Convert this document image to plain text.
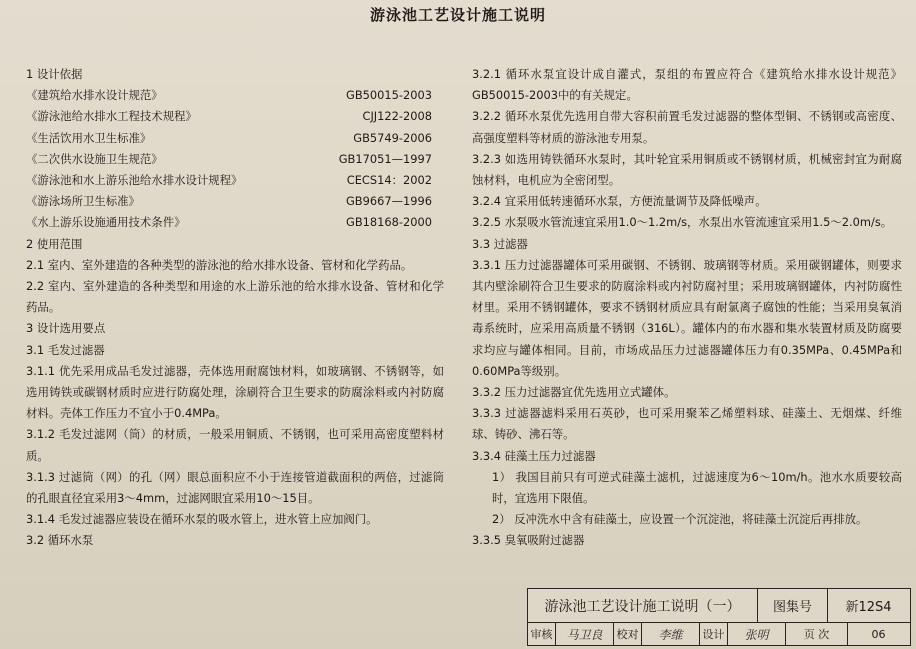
游泳池工艺设计施工说明
1 设计依据
《建筑给水排水设计规范》	GB50015-2003
《游泳池给水排水工程技术规程》	CJJ122-2008
《生活饮用水卫生标准》	GB5749-2006
《二次供水设施卫生规范》	GB17051—1997
《游泳池和水上游乐池给水排水设计规程》	CECS14：2002
《游泳场所卫生标准》	GB9667—1996
《水上游乐设施通用技术条件》	GB18168-2000
2 使用范围
2.1 室内、室外建造的各种类型的游泳池的给水排水设备、管材和化学药品。
2.2 室内、室外建造的各种类型和用途的水上游乐池的给水排水设备、管材和化学药品。
3 设计选用要点
3.1 毛发过滤器
3.1.1 优先采用成品毛发过滤器，壳体选用耐腐蚀材料，如玻璃钢、不锈钢等，如选用铸铁或碳钢材质时应进行防腐处理，涂刷符合卫生要求的防腐涂料或内衬防腐材料。壳体工作压力不宜小于0.4MPa。
3.1.2 毛发过滤网（筒）的材质，一般采用铜质、不锈钢，也可采用高密度塑料材质。
3.1.3 过滤筒（网）的孔（网）眼总面积应不小于连接管道截面积的两倍，过滤筒的孔眼直径宜采用3～4mm，过滤网眼宜采用10～15目。
3.1.4 毛发过滤器应装设在循环水泵的吸水管上，进水管上应加阀门。
3.2 循环水泵
3.2.1 循环水泵宜设计成自灌式，泵组的布置应符合《建筑给水排水设计规范》GB50015-2003中的有关规定。
3.2.2 循环水泵优先选用自带大容积前置毛发过滤器的整体型铜、不锈钢或高密度、高强度塑料等材质的游泳池专用泵。
3.2.3 如选用铸铁循环水泵时，其叶轮宜采用铜质或不锈钢材质，机械密封宜为耐腐蚀材料，电机应为全密闭型。
3.2.4 宜采用低转速循环水泵，方便流量调节及降低噪声。
3.2.5 水泵吸水管流速宜采用1.0～1.2m/s，水泵出水管流速宜采用1.5～2.0m/s。
3.3 过滤器
3.3.1 压力过滤器罐体可采用碳钢、不锈钢、玻璃钢等材质。采用碳钢罐体，则要求其内壁涂刷符合卫生要求的防腐涂料或内衬防腐衬里；采用玻璃钢罐体，内衬防腐性材里。采用不锈钢罐体，要求不锈钢材质应具有耐氯离子腐蚀的性能；当采用臭氧消毒系统时，应采用高质量不锈钢（316L）。罐体内的布水器和集水装置材质及防腐要求均应与罐体相同。目前，市场成品压力过滤器罐体压力有0.35MPa、0.45MPa和0.60MPa等级别。
3.3.2 压力过滤器宜优先选用立式罐体。
3.3.3 过滤器滤料采用石英砂，也可采用聚苯乙烯塑料球、硅藻土、无烟煤、纤维球、铸砂、沸石等。
3.3.4 硅藻土压力过滤器
1） 我国目前只有可逆式硅藻土滤机，过滤速度为6～10m/h。池水水质要较高时，宜选用下限值。
2） 反冲洗水中含有硅藻土，应设置一个沉淀池，将硅藻土沉淀后再排放。
3.3.5 臭氧吸附过滤器
游泳池工艺设计施工说明（一）	图集号	新12S4
审核	马卫良	校对	李维	设计	张明	页 次	06
